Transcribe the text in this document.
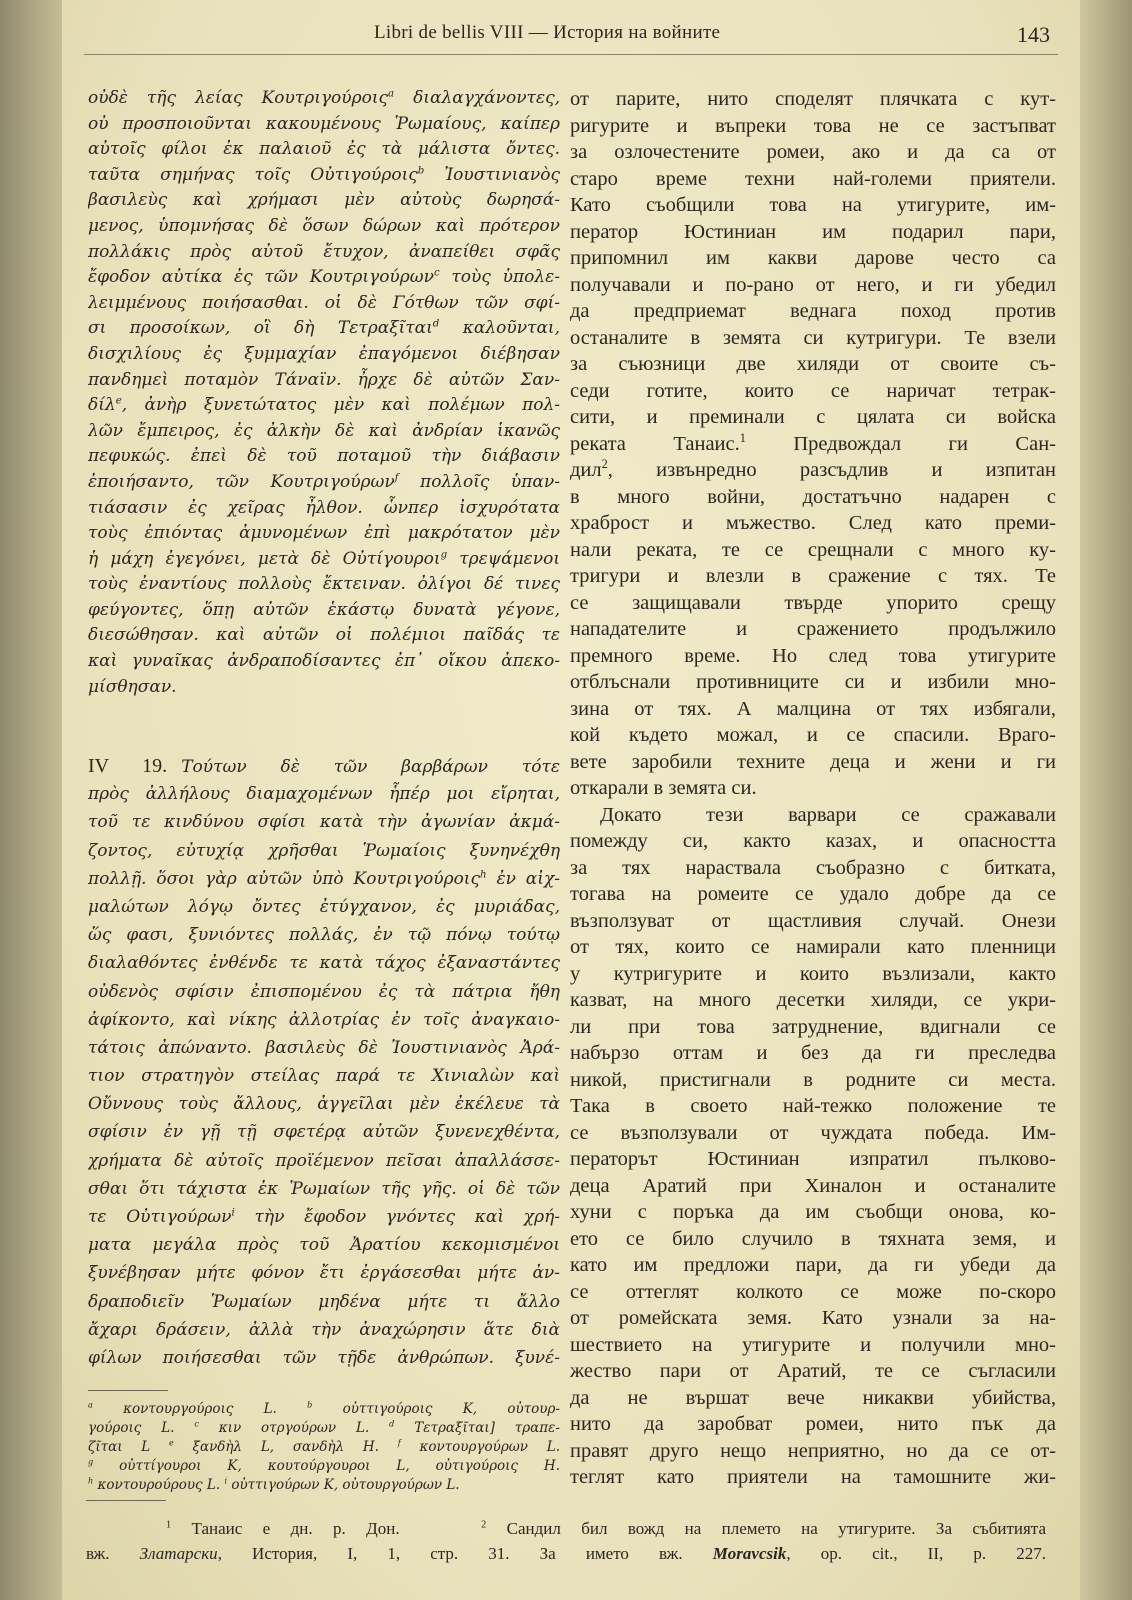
Libri de bellis VIII — История на войните	143
οὐδὲ τῆς λείας Κουτριγούροις$^a$ διαλαγχάνοντες,
οὐ προσποιοῦνται κακουμένους Ῥωμαίους, καίπερ
αὐτοῖς φίλοι ἐκ παλαιοῦ ἐς τὰ μάλιστα ὄντες.
ταῦτα σημήνας τοῖς Οὐτιγούροις$^b$ Ἰουστινιανὸς
βασιλεὺς καὶ χρήμασι μὲν αὐτοὺς δωρησά-
μενος, ὑπομνήσας δὲ ὅσων δώρων καὶ πρότερον
πολλάκις πρὸς αὐτοῦ ἔτυχον, ἀναπείθει σφᾶς
ἔφοδον αὐτίκα ἐς τῶν Κουτριγούρων$^c$ τοὺς ὑπολε-
λειμμένους ποιήσασθαι. οἱ δὲ Γότθων τῶν σφί-
σι προσοίκων, οἳ δὴ Τετραξῖται$^d$ καλοῦνται,
δισχιλίους ἐς ξυμμαχίαν ἐπαγόμενοι διέβησαν
πανδημεὶ ποταμὸν Τάναϊν. ἦρχε δὲ αὐτῶν Σαν-
δίλ$^e$, ἀνὴρ ξυνετώτατος μὲν καὶ πολέμων πολ-
λῶν ἔμπειρος, ἐς ἀλκὴν δὲ καὶ ἀνδρίαν ἱκανῶς
πεφυκώς. ἐπεὶ δὲ τοῦ ποταμοῦ τὴν διάβασιν
ἐποιήσαντο, τῶν Κουτριγούρων$^f$ πολλοῖς ὑπαν-
τιάσασιν ἐς χεῖρας ἦλθον. ὧνπερ ἰσχυρότατα
τοὺς ἐπιόντας ἀμυνομένων ἐπὶ μακρότατον μὲν
ἡ μάχη ἐγεγόνει, μετὰ δὲ Οὐτίγουροι$^g$ τρεψάμενοι
τοὺς ἐναντίους πολλοὺς ἔκτειναν. ὀλίγοι δέ τινες
φεύγοντες, ὅπῃ αὐτῶν ἑκάστῳ δυνατὰ γέγονε,
διεσώθησαν. καὶ αὐτῶν οἱ πολέμιοι παῖδάς τε
καὶ γυναῖκας ἀνδραποδίσαντες ἐπ᾿ οἴκου ἀπεκο-
μίσθησαν.
IV 19. Τούτων δὲ τῶν βαρβάρων τότε
πρὸς ἀλλήλους διαμαχομένων ἧπέρ μοι εἴρηται,
τοῦ τε κινδύνου σφίσι κατὰ τὴν ἀγωνίαν ἀκμά-
ζοντος, εὐτυχίᾳ χρῆσθαι Ῥωμαίοις ξυνηνέχθη
πολλῇ. ὅσοι γὰρ αὐτῶν ὑπὸ Κουτριγούροις$^h$ ἐν αἰχ-
μαλώτων λόγῳ ὄντες ἐτύγχανον, ἐς μυριάδας,
ὥς φασι, ξυνιόντες πολλάς, ἐν τῷ πόνῳ τούτῳ
διαλαθόντες ἐνθένδε τε κατὰ τάχος ἐξαναστάντες
οὐδενὸς σφίσιν ἐπισπομένου ἐς τὰ πάτρια ἤθη
ἀφίκοντο, καὶ νίκης ἀλλοτρίας ἐν τοῖς ἀναγκαιο-
τάτοις ἀπώναντο. βασιλεὺς δὲ Ἰουστινιανὸς Ἀρά-
τιον στρατηγὸν στείλας παρά τε Χινιαλὼν καὶ
Οὔννους τοὺς ἄλλους, ἀγγεῖλαι μὲν ἐκέλευε τὰ
σφίσιν ἐν γῇ τῇ σφετέρᾳ αὐτῶν ξυνενεχθέντα,
χρήματα δὲ αὐτοῖς προϊέμενον πεῖσαι ἀπαλλάσσε-
σθαι ὅτι τάχιστα ἐκ Ῥωμαίων τῆς γῆς. οἱ δὲ τῶν
τε Οὐτιγούρων$^i$ τὴν ἔφοδον γνόντες καὶ χρή-
ματα μεγάλα πρὸς τοῦ Ἀρατίου κεκομισμένοι
ξυνέβησαν μήτε φόνον ἔτι ἐργάσεσθαι μήτε ἀν-
δραποδιεῖν Ῥωμαίων μηδένα μήτε τι ἄλλο
ἄχαρι δράσειν, ἀλλὰ τὴν ἀναχώρησιν ἅτε διὰ
φίλων ποιήσεσθαι τῶν τῇδε ἀνθρώπων. ξυνέ-
$^a$ κοντουργούροις L. $^b$ οὐττιγούροις K, οὐτουρ-
γούροις L. $^c$ κιν οτργούρων L. $^d$ Τετραξῖται] τραπε-
ζῖται L $^e$ ξανδὴλ L, σανδὴλ H. $^f$ κοντουργούρων L.
$^g$ οὐττίγουροι K, κουτούργουροι L, οὐτιγούροις H.
$^h$ κοντουρούρους L. $^i$ οὐττιγούρων K, οὐτουργούρων L.
от парите, нито споделят плячката с кут-
ригурите и въпреки това не се застъпват
за озлочестените ромеи, ако и да са от
старо време техни най-големи приятели.
Като съобщили това на утигурите, им-
ператор Юстиниан им подарил пари,
припомнил им какви дарове често са
получавали и по-рано от него, и ги убедил
да предприемат веднага поход против
останалите в земята си кутригури. Те взели
за съюзници две хиляди от своите съ-
седи готите, които се наричат тетрак-
сити, и преминали с цялата си войска
реката Танаис.$^1$ Предвождал ги Сан-
дил$^2$, извънредно разсъдлив и изпитан
в много войни, достатъчно надарен с
храброст и мъжество. След като преми-
нали реката, те се срещнали с много ку-
тригури и влезли в сражение с тях. Те
се защищавали твърде упорито срещу
нападателите и сражението продължило
премного време. Но след това утигурите
отблъснали противниците си и избили мно-
зина от тях. А малцина от тях избягали,
кой където можал, и се спасили. Враго-
вете заробили техните деца и жени и ги
откарали в земята си.
Докато тези варвари се сражавали
помежду си, както казах, и опасността
за тях нараствала съобразно с битката,
тогава на ромеите се удало добре да се
възползуват от щастливия случай. Онези
от тях, които се намирали като пленници
у кутригурите и които възлизали, както
казват, на много десетки хиляди, се укри-
ли при това затруднение, вдигнали се
набързо оттам и без да ги преследва
никой, пристигнали в родните си места.
Така в своето най-тежко положение те
се възползували от чуждата победа. Им-
ператорът Юстиниан изпратил пълково-
деца Аратий при Хиналон и останалите
хуни с поръка да им съобщи онова, ко-
ето се било случило в тяхната земя, и
като им предложи пари, да ги убеди да
се оттеглят колкото се може по-скоро
от ромейската земя. Като узнали за на-
шествието на утигурите и получили мно-
жество пари от Аратий, те се съгласили
да не вършат вече никакви убийства,
нито да заробват ромеи, нито пък да
правят друго нещо неприятно, но да се от-
теглят като приятели на тамошните жи-
$^1$ Танаис е дн. р. Дон.    $^2$ Сандил бил вожд на племето на утигурите. За събитията
вж. Златарски, История, I, 1, стр. 31. За името вж. Moravcsik, op. cit., II, p. 227.
